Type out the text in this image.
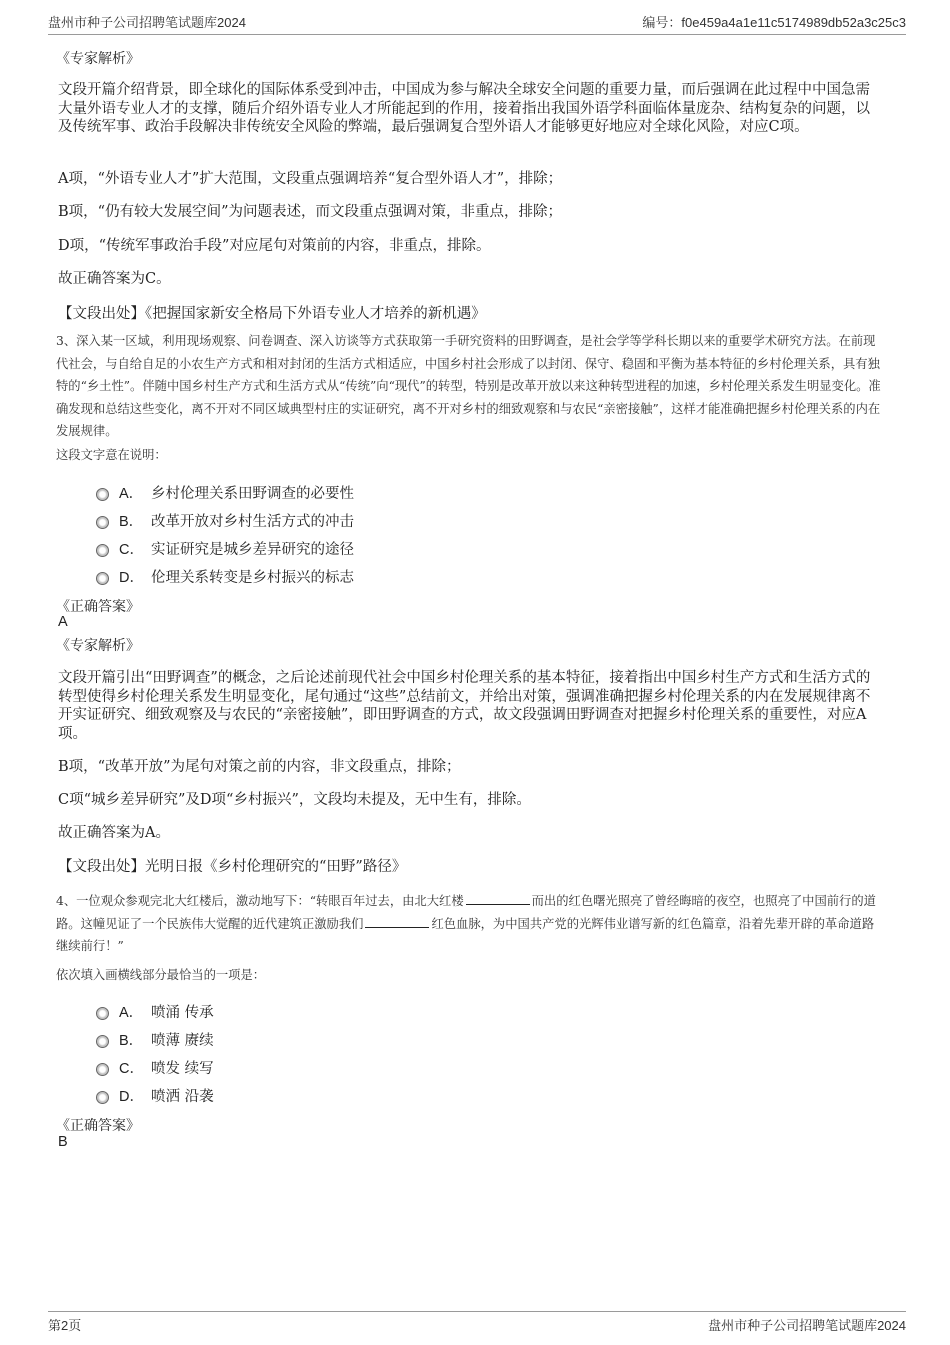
盘州市种子公司招聘笔试题库2024	编号：f0e459a4a1e11c5174989db52a3c25c3

《专家解析》

文段开篇介绍背景，即全球化的国际体系受到冲击，中国成为参与解决全球安全问题的重要力量，而后强调在此过程中中国急需大量外语专业人才的支撑，随后介绍外语专业人才所能起到的作用，接着指出我国外语学科面临体量庞杂、结构复杂的问题，以及传统军事、政治手段解决非传统安全风险的弊端，最后强调复合型外语人才能够更好地应对全球化风险，对应C项。

A项，“外语专业人才”扩大范围，文段重点强调培养“复合型外语人才”，排除；

B项，“仍有较大发展空间”为问题表述，而文段重点强调对策，非重点，排除；

D项，“传统军事政治手段”对应尾句对策前的内容，非重点，排除。

故正确答案为C。

【文段出处】《把握国家新安全格局下外语专业人才培养的新机遇》

3、深入某一区域，利用现场观察、问卷调查、深入访谈等方式获取第一手研究资料的田野调查，是社会学等学科长期以来的重要学术研究方法。在前现代社会，与自给自足的小农生产方式和相对封闭的生活方式相适应，中国乡村社会形成了以封闭、保守、稳固和平衡为基本特征的乡村伦理关系，具有独特的“乡土性”。伴随中国乡村生产方式和生活方式从“传统”向“现代”的转型，特别是改革开放以来这种转型进程的加速，乡村伦理关系发生明显变化。准确发现和总结这些变化，离不开对不同区域典型村庄的实证研究，离不开对乡村的细致观察和与农民“亲密接触”，这样才能准确把握乡村伦理关系的内在发展规律。

这段文字意在说明：

A． 乡村伦理关系田野调查的必要性
B． 改革开放对乡村生活方式的冲击
C． 实证研究是城乡差异研究的途径
D． 伦理关系转变是乡村振兴的标志

《正确答案》

A

《专家解析》

文段开篇引出“田野调查”的概念，之后论述前现代社会中国乡村伦理关系的基本特征，接着指出中国乡村生产方式和生活方式的转型使得乡村伦理关系发生明显变化，尾句通过“这些”总结前文，并给出对策，强调准确把握乡村伦理关系的内在发展规律离不开实证研究、细致观察及与农民的“亲密接触”，即田野调查的方式，故文段强调田野调查对把握乡村伦理关系的重要性，对应A项。

B项，“改革开放”为尾句对策之前的内容，非文段重点，排除；

C项“城乡差异研究”及D项“乡村振兴”，文段均未提及，无中生有，排除。

故正确答案为A。

【文段出处】光明日报《乡村伦理研究的“田野”路径》

4、一位观众参观完北大红楼后，激动地写下：“转眼百年过去，由北大红楼	而出的红色曙光照亮了曾经晦暗的夜空，也照亮了中国前行的道路。这幢见证了一个民族伟大觉醒的近代建筑正激励我们	红色血脉，为中国共产党的光辉伟业谱写新的红色篇章，沿着先辈开辟的革命道路继续前行！”

依次填入画横线部分最恰当的一项是：

A． 喷涌 传承
B． 喷薄 赓续
C． 喷发 续写
D． 喷洒 沿袭

《正确答案》

B

第2页	盘州市种子公司招聘笔试题库2024
